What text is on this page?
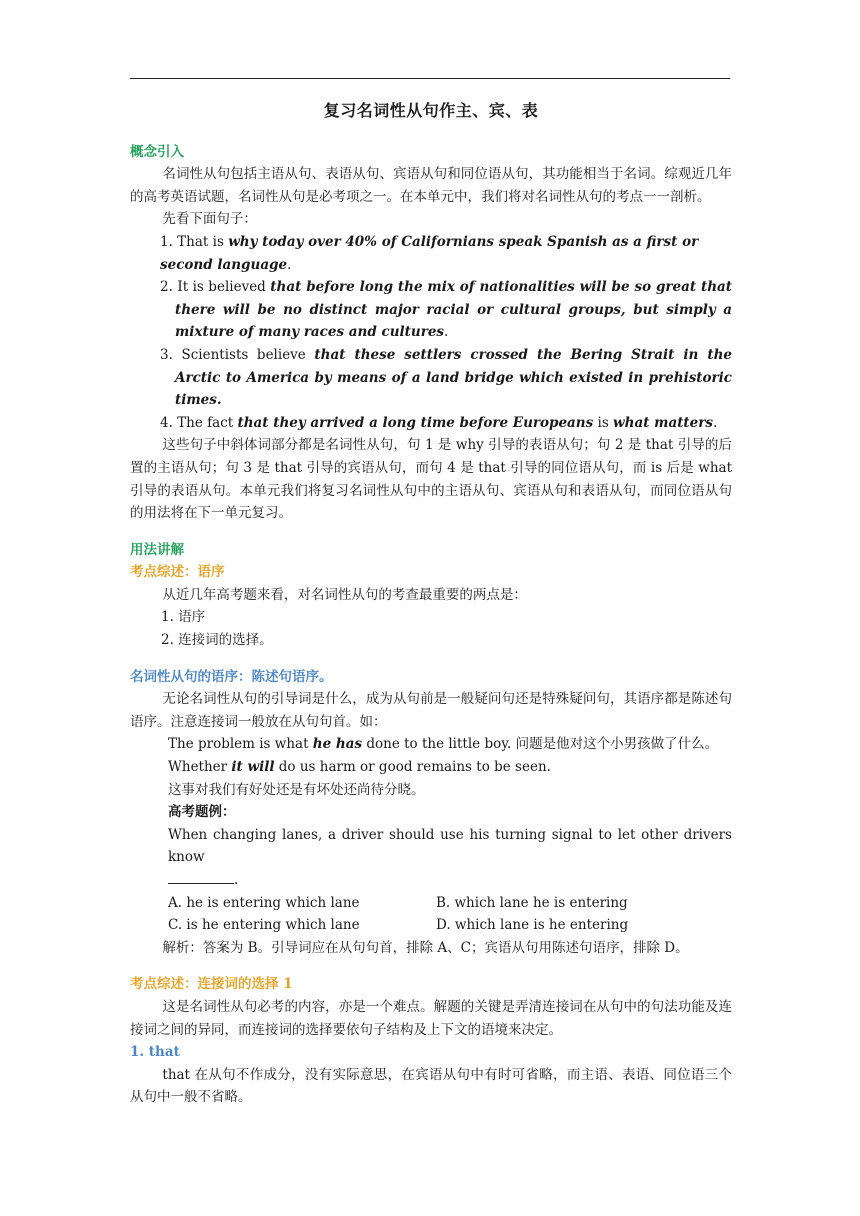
复习名词性从句作主、宾、表

概念引入

名词性从句包括主语从句、表语从句、宾语从句和同位语从句，其功能相当于名词。综观近几年的高考英语试题，名词性从句是必考项之一。在本单元中，我们将对名词性从句的考点一一剖析。

先看下面句子：

1. That is why today over 40% of Californians speak Spanish as a first or second language.

2. It is believed that before long the mix of nationalities will be so great that there will be no distinct major racial or cultural groups, but simply a mixture of many races and cultures.

3. Scientists believe that these settlers crossed the Bering Strait in the Arctic to America by means of a land bridge which existed in prehistoric times.

4. The fact that they arrived a long time before Europeans is what matters.

这些句子中斜体词部分都是名词性从句，句 1 是 why 引导的表语从句；句 2 是 that 引导的后置的主语从句；句 3 是 that 引导的宾语从句，而句 4 是 that 引导的同位语从句，而 is 后是 what 引导的表语从句。本单元我们将复习名词性从句中的主语从句、宾语从句和表语从句，而同位语从句的用法将在下一单元复习。

用法讲解

考点综述：语序

从近几年高考题来看，对名词性从句的考查最重要的两点是：

1. 语序

2. 连接词的选择。

名词性从句的语序：陈述句语序。

无论名词性从句的引导词是什么，成为从句前是一般疑问句还是特殊疑问句，其语序都是陈述句语序。注意连接词一般放在从句句首。如：

The problem is what he has done to the little boy. 问题是他对这个小男孩做了什么。

Whether it will do us harm or good remains to be seen.

这事对我们有好处还是有坏处还尚待分晓。

高考题例：

When changing lanes, a driver should use his turning signal to let other drivers know
.

A. he is entering which lane	B. which lane he is entering
C. is he entering which lane	D. which lane is he entering

解析：答案为 B。引导词应在从句句首，排除 A、C；宾语从句用陈述句语序，排除 D。

考点综述：连接词的选择 1

这是名词性从句必考的内容，亦是一个难点。解题的关键是弄清连接词在从句中的句法功能及连接词之间的异同，而连接词的选择要依句子结构及上下文的语境来决定。

1. that

that 在从句不作成分，没有实际意思，在宾语从句中有时可省略，而主语、表语、同位语三个从句中一般不省略。
